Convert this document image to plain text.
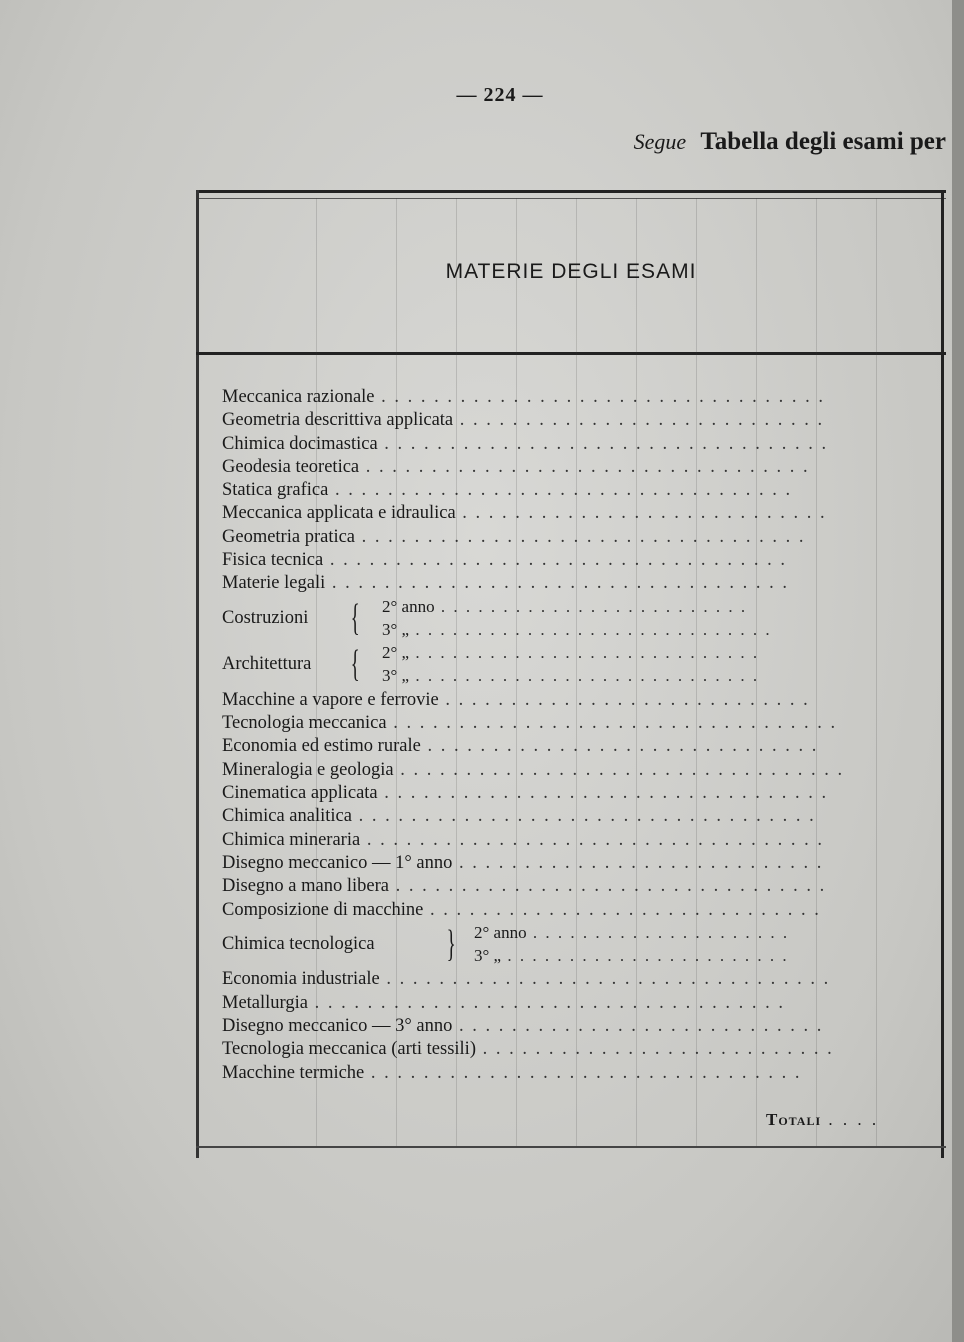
— 224 —
Segue Tabella degli esami per
MATERIE DEGLI ESAMI
Meccanica razionale . . . . . . . . . . . . . . . . . . . . . . . . . . . . . . . . . .
Geometria descrittiva applicata . . . . . . . . . . . . . . . . . . . . . . . . . . . .
Chimica docimastica . . . . . . . . . . . . . . . . . . . . . . . . . . . . . . . . . .
Geodesia teoretica . . . . . . . . . . . . . . . . . . . . . . . . . . . . . . . . . .
Statica grafica . . . . . . . . . . . . . . . . . . . . . . . . . . . . . . . . . . .
Meccanica applicata e idraulica . . . . . . . . . . . . . . . . . . . . . . . . . . . .
Geometria pratica . . . . . . . . . . . . . . . . . . . . . . . . . . . . . . . . . .
Fisica tecnica . . . . . . . . . . . . . . . . . . . . . . . . . . . . . . . . . . .
Materie legali . . . . . . . . . . . . . . . . . . . . . . . . . . . . . . . . . . .
Costruzioni { 2° anno . . . . . . . . . . . . . . . . . . . . . . . . .
3° „ . . . . . . . . . . . . . . . . . . . . . . . . . . . . .
Architettura { 2° „ . . . . . . . . . . . . . . . . . . . . . . . . . . . .
3° „ . . . . . . . . . . . . . . . . . . . . . . . . . . . .
Macchine a vapore e ferrovie . . . . . . . . . . . . . . . . . . . . . . . . . . . .
Tecnologia meccanica . . . . . . . . . . . . . . . . . . . . . . . . . . . . . . . . . .
Economia ed estimo rurale . . . . . . . . . . . . . . . . . . . . . . . . . . . . . .
Mineralogia e geologia . . . . . . . . . . . . . . . . . . . . . . . . . . . . . . . . . .
Cinematica applicata . . . . . . . . . . . . . . . . . . . . . . . . . . . . . . . . . .
Chimica analitica . . . . . . . . . . . . . . . . . . . . . . . . . . . . . . . . . . .
Chimica mineraria . . . . . . . . . . . . . . . . . . . . . . . . . . . . . . . . . . .
Disegno meccanico — 1° anno . . . . . . . . . . . . . . . . . . . . . . . . . . . .
Disegno a mano libera . . . . . . . . . . . . . . . . . . . . . . . . . . . . . . . . .
Composizione di macchine . . . . . . . . . . . . . . . . . . . . . . . . . . . . . .
Chimica tecnologica } 2° anno . . . . . . . . . . . . . . . . . . . . .
3° „ . . . . . . . . . . . . . . . . . . . . . . .
Economia industriale . . . . . . . . . . . . . . . . . . . . . . . . . . . . . . . . . .
Metallurgia . . . . . . . . . . . . . . . . . . . . . . . . . . . . . . . . . . . .
Disegno meccanico — 3° anno . . . . . . . . . . . . . . . . . . . . . . . . . . . .
Tecnologia meccanica (arti tessili) . . . . . . . . . . . . . . . . . . . . . . . . . . .
Macchine termiche . . . . . . . . . . . . . . . . . . . . . . . . . . . . . . . . .
Totali . . . .
